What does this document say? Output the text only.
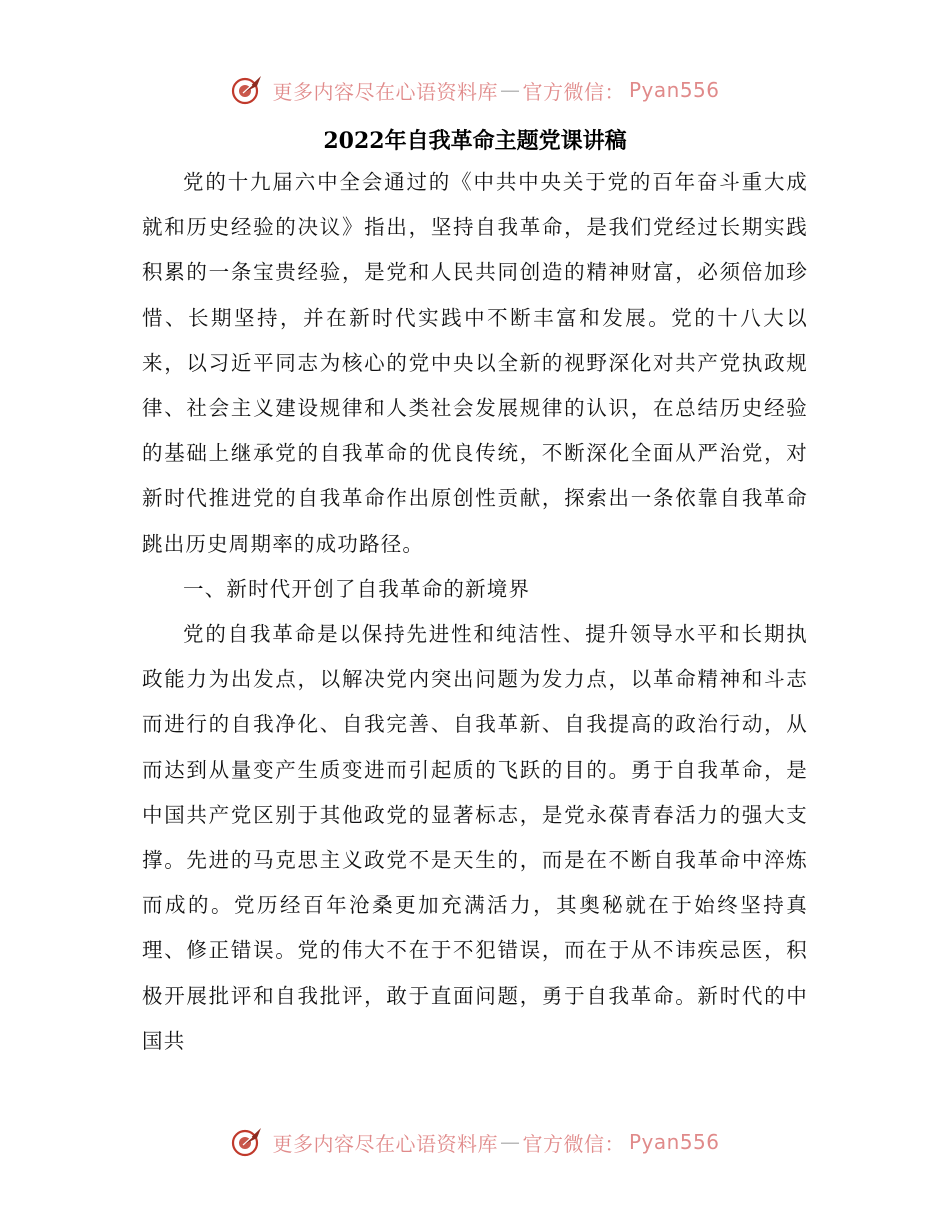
更多内容尽在心语资料库 — 官方微信： Pyan556
2022年自我革命主题党课讲稿

党的十九届六中全会通过的《中共中央关于党的百年奋斗重大成就和历史经验的决议》指出，坚持自我革命，是我们党经过长期实践积累的一条宝贵经验，是党和人民共同创造的精神财富，必须倍加珍惜、长期坚持，并在新时代实践中不断丰富和发展。党的十八大以来，以习近平同志为核心的党中央以全新的视野深化对共产党执政规律、社会主义建设规律和人类社会发展规律的认识，在总结历史经验的基础上继承党的自我革命的优良传统，不断深化全面从严治党，对新时代推进党的自我革命作出原创性贡献，探索出一条依靠自我革命跳出历史周期率的成功路径。

一、新时代开创了自我革命的新境界

党的自我革命是以保持先进性和纯洁性、提升领导水平和长期执政能力为出发点，以解决党内突出问题为发力点，以革命精神和斗志而进行的自我净化、自我完善、自我革新、自我提高的政治行动，从而达到从量变产生质变进而引起质的飞跃的目的。勇于自我革命，是中国共产党区别于其他政党的显著标志，是党永葆青春活力的强大支撑。先进的马克思主义政党不是天生的，而是在不断自我革命中淬炼而成的。党历经百年沧桑更加充满活力，其奥秘就在于始终坚持真理、修正错误。党的伟大不在于不犯错误，而在于从不讳疾忌医，积极开展批评和自我批评，敢于直面问题，勇于自我革命。新时代的中国共

更多内容尽在心语资料库 — 官方微信： Pyan556
